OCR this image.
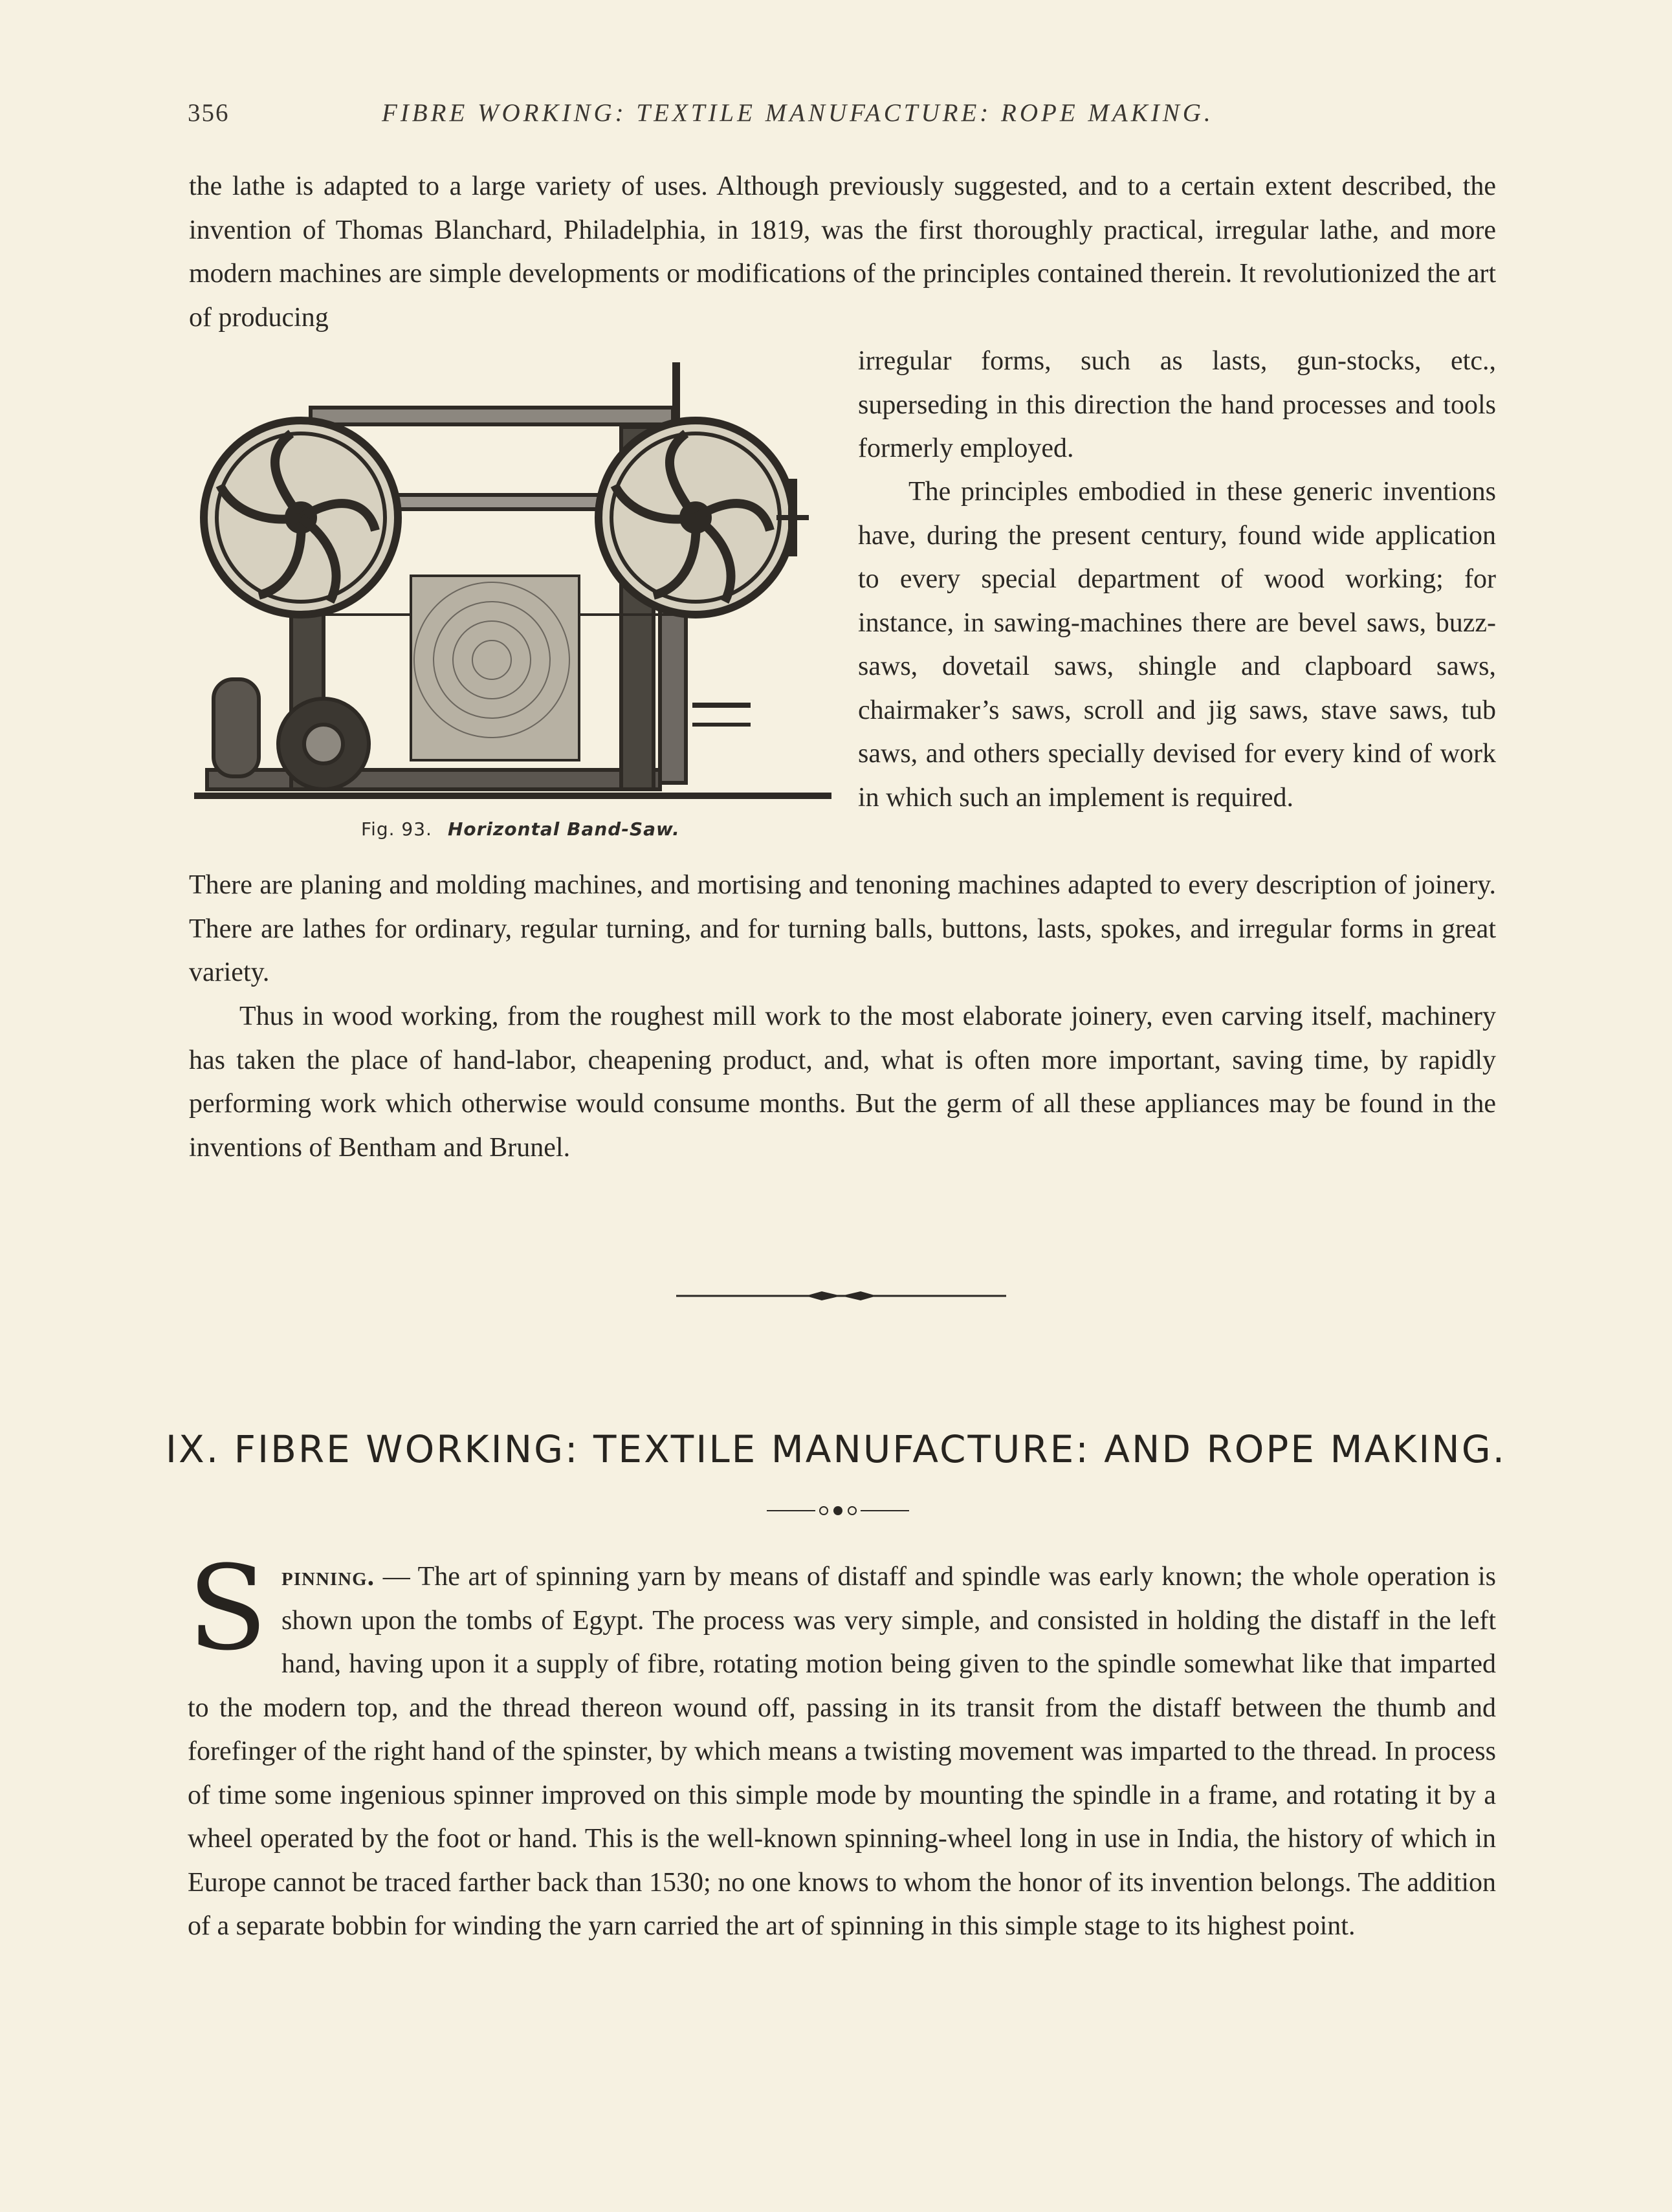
356	FIBRE WORKING: TEXTILE MANUFACTURE: ROPE MAKING.

the lathe is adapted to a large variety of uses. Although previously suggested, and to a certain extent described, the invention of Thomas Blanchard, Philadelphia, in 1819, was the first thoroughly practical, irregular lathe, and more modern machines are simple developments or modifications of the principles contained therein. It revolutionized the art of producing

irregular forms, such as lasts, gun-stocks, etc., superseding in this direction the hand processes and tools formerly employed.

Fig. 93. Horizontal Band-Saw.

The principles embodied in these generic inventions have, during the present century, found wide application to every special department of wood working; for instance, in sawing-machines there are bevel saws, buzz-saws, dovetail saws, shingle and clapboard saws, chairmaker’s saws, scroll and jig saws, stave saws, tub saws, and others specially devised for every kind of work in which such an implement is required.

There are planing and molding machines, and mortising and tenoning machines adapted to every description of joinery. There are lathes for ordinary, regular turning, and for turning balls, buttons, lasts, spokes, and irregular forms in great variety.

Thus in wood working, from the roughest mill work to the most elaborate joinery, even carving itself, machinery has taken the place of hand-labor, cheapening product, and, what is often more important, saving time, by rapidly performing work which otherwise would consume months. But the germ of all these appliances may be found in the inventions of Bentham and Brunel.

IX. FIBRE WORKING: TEXTILE MANUFACTURE: AND ROPE MAKING.
S pinning. — The art of spinning yarn by means of distaff and spindle was early known; the whole operation is shown upon the tombs of Egypt. The process was very simple, and consisted in holding the distaff in the left hand, having upon it a supply of fibre, rotating motion being given to the spindle somewhat like that imparted to the modern top, and the thread thereon wound off, passing in its transit from the distaff between the thumb and forefinger of the right hand of the spinster, by which means a twisting movement was imparted to the thread. In process of time some ingenious spinner improved on this simple mode by mounting the spindle in a frame, and rotating it by a wheel operated by the foot or hand. This is the well-known spinning-wheel long in use in India, the history of which in Europe cannot be traced farther back than 1530; no one knows to whom the honor of its invention belongs. The addition of a separate bobbin for winding the yarn carried the art of spinning in this simple stage to its highest point.
